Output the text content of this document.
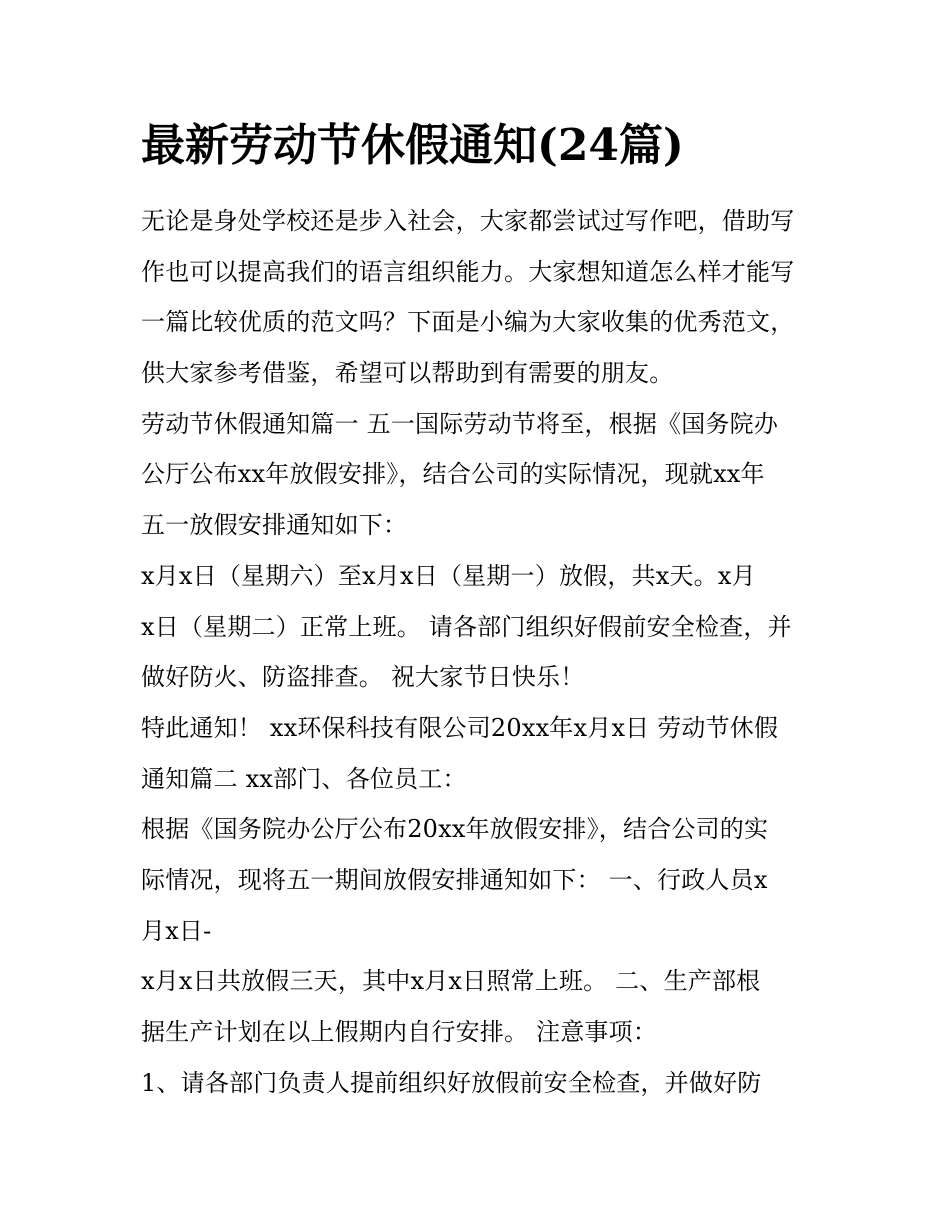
最新劳动节休假通知(24篇)
无论是身处学校还是步入社会，大家都尝试过写作吧，借助写
作也可以提高我们的语言组织能力。大家想知道怎么样才能写
一篇比较优质的范文吗？下面是小编为大家收集的优秀范文，
供大家参考借鉴，希望可以帮助到有需要的朋友。
劳动节休假通知篇一 五一国际劳动节将至，根据《国务院办
公厅公布xx年放假安排》，结合公司的实际情况，现就xx年
五一放假安排通知如下：
x月x日（星期六）至x月x日（星期一）放假，共x天。x月
x日（星期二）正常上班。 请各部门组织好假前安全检查，并
做好防火、防盗排查。 祝大家节日快乐！
特此通知！ xx环保科技有限公司20xx年x月x日 劳动节休假
通知篇二 xx部门、各位员工：
根据《国务院办公厅公布20xx年放假安排》，结合公司的实
际情况，现将五一期间放假安排通知如下： 一、行政人员x
月x日-
x月x日共放假三天，其中x月x日照常上班。 二、生产部根
据生产计划在以上假期内自行安排。 注意事项：
1、请各部门负责人提前组织好放假前安全检查，并做好防
